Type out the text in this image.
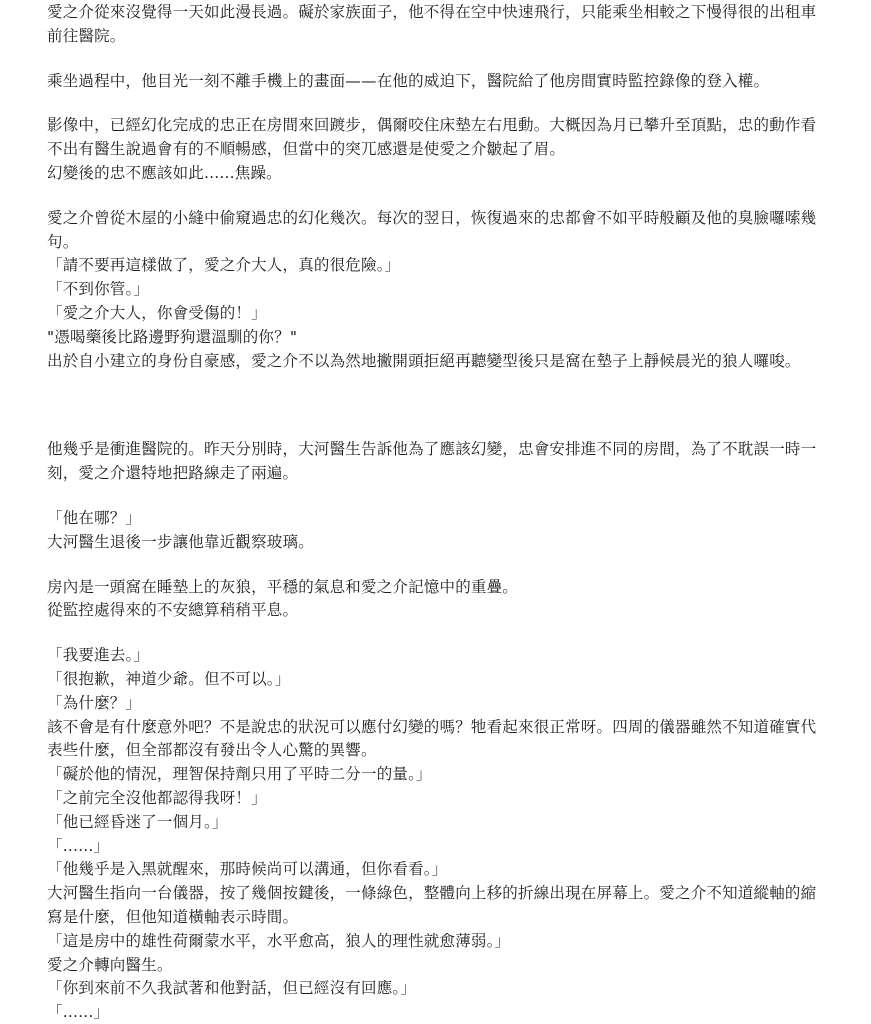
愛之介從來沒覺得一天如此漫長過。礙於家族面子，他不得在空中快速飛行，只能乘坐相較之下慢得很的出租車前往醫院。

乘坐過程中，他目光一刻不離手機上的畫面——在他的威迫下，醫院給了他房間實時監控錄像的登入權。

影像中，已經幻化完成的忠正在房間來回踱步，偶爾咬住床墊左右甩動。大概因為月已攀升至頂點，忠的動作看不出有醫生說過會有的不順暢感，但當中的突兀感還是使愛之介皺起了眉。

幻變後的忠不應該如此......焦躁。

愛之介曾從木屋的小縫中偷窺過忠的幻化幾次。每次的翌日，恢復過來的忠都會不如平時般顧及他的臭臉囉嗦幾句。

「請不要再這樣做了，愛之介大人，真的很危險。」

「不到你管。」

「愛之介大人，你會受傷的！」

"憑喝藥後比路邊野狗還溫馴的你？"

出於自小建立的身份自豪感，愛之介不以為然地撇開頭拒絕再聽變型後只是窩在墊子上靜候晨光的狼人囉唆。

他幾乎是衝進醫院的。昨天分別時，大河醫生告訴他為了應該幻變，忠會安排進不同的房間，為了不耽誤一時一刻，愛之介還特地把路線走了兩遍。

「他在哪？」

大河醫生退後一步讓他靠近觀察玻璃。

房內是一頭窩在睡墊上的灰狼，平穩的氣息和愛之介記憶中的重疊。

從監控處得來的不安總算稍稍平息。

「我要進去。」

「很抱歉，神道少爺。但不可以。」

「為什麼？」

該不會是有什麼意外吧？不是說忠的狀況可以應付幻變的嗎？牠看起來很正常呀。四周的儀器雖然不知道確實代表些什麼，但全部都沒有發出令人心驚的異響。

「礙於他的情況，理智保持劑只用了平時二分一的量。」

「之前完全沒他都認得我呀！」

「他已經昏迷了一個月。」

「......」

「他幾乎是入黑就醒來，那時候尚可以溝通，但你看看。」

大河醫生指向一台儀器，按了幾個按鍵後，一條綠色，整體向上移的折線出現在屏幕上。愛之介不知道縱軸的縮寫是什麼，但他知道橫軸表示時間。

「這是房中的雄性荷爾蒙水平，水平愈高，狼人的理性就愈薄弱。」

愛之介轉向醫生。

「你到來前不久我試著和他對話，但已經沒有回應。」

「......」
